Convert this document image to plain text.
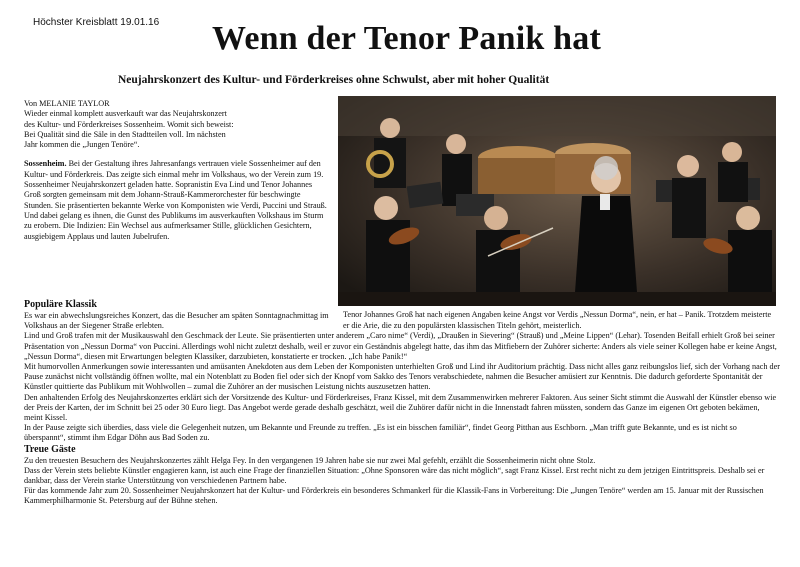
Höchster Kreisblatt 19.01.16 Wenn der Tenor Panik hat
Neujahrskonzert des Kultur- und Förderkreises ohne Schwulst, aber mit hoher Qualität

Von MELANIE TAYLOR
Wieder einmal komplett ausverkauft war das Neujahrskonzert
des Kultur- und Förderkreises Sossenheim. Womit sich beweist:
Bei Qualität sind die Säle in den Stadtteilen voll. Im nächsten
Jahr kommen die „Jungen Tenöre“.

Sossenheim. Bei der Gestaltung ihres Jahresanfangs vertrauen viele Sossenheimer auf den Kultur- und Förderkreis. Das zeigte sich einmal mehr im Volkshaus, wo der Verein zum 19. Sossenheimer Neujahrskonzert geladen hatte. Sopranistin Eva Lind und Tenor Johannes Groß sorgten gemeinsam mit dem Johann-Strauß-Kammerorchester für beschwingte Stunden. Sie präsentierten bekannte Werke von Komponisten wie Verdi, Puccini und Strauß. Und dabei gelang es ihnen, die Gunst des Publikums im ausverkauften Volkshaus im Sturm zu erobern. Die Indizien: Ein Wechsel aus aufmerksamer Stille, glücklichen Gesichtern, ausgiebigem Applaus und lauten Jubelrufen.

Tenor Johannes Groß hat nach eigenen Angaben keine Angst vor Verdis „Nessun Dorma“, nein, er hat – Panik. Trotzdem meisterte er die Arie, die zu den populärsten klassischen Titeln gehört, meisterlich.
Populäre Klassik

Es war ein abwechslungsreiches Konzert, das die Besucher am späten Sonntagnachmittag im Volkshaus an der Siegener Straße erlebten.

Lind und Groß trafen mit der Musikauswahl den Geschmack der Leute. Sie präsentierten unter anderem „Caro nime“ (Verdi), „Draußen in Sievering“ (Strauß) und „Meine Lippen“ (Lehar). Tosenden Beifall erhielt Groß bei seiner Präsentation von „Nessun Dorma“ von Puccini. Allerdings wohl nicht zuletzt deshalb, weil er zuvor ein Geständnis abgelegt hatte, das ihm das Mitfiebern der Zuhörer sicherte: Anders als viele seiner Kollegen habe er keine Angst, „Nessun Dorma“, diesen mit Erwartungen belegten Klassiker, darzubieten, konstatierte er trocken. „Ich habe Panik!“

Mit humorvollen Anmerkungen sowie interessanten und amüsanten Anekdoten aus dem Leben der Komponisten unterhielten Groß und Lind ihr Auditorium prächtig. Dass nicht alles ganz reibungslos lief, sich der Vorhang nach der Pause zunächst nicht vollständig öffnen wollte, mal ein Notenblatt zu Boden fiel oder sich der Knopf vom Sakko des Tenors verabschiedete, nahmen die Besucher amüsiert zur Kenntnis. Die dadurch geforderte Spontanität der Künstler quittierte das Publikum mit Wohlwollen – zumal die Zuhörer an der musischen Leistung nichts auszusetzen hatten.

Den anhaltenden Erfolg des Neujahrskonzertes erklärt sich der Vorsitzende des Kultur- und Förderkreises, Franz Kissel, mit dem Zusammenwirken mehrerer Faktoren. Aus seiner Sicht stimmt die Auswahl der Künstler ebenso wie der Preis der Karten, der im Schnitt bei 25 oder 30 Euro liegt. Das Angebot werde gerade deshalb geschätzt, weil die Zuhörer dafür nicht in die Innenstadt fahren müssten, sondern das Ganze im eigenen Ort geboten bekämen, meint Kissel.

In der Pause zeigte sich überdies, dass viele die Gelegenheit nutzen, um Bekannte und Freunde zu treffen. „Es ist ein bisschen familiär“, findet Georg Pitthan aus Eschborn. „Man trifft gute Bekannte, und es ist nicht so überspannt“, stimmt ihm Edgar Döhn aus Bad Soden zu.

Treue Gäste

Zu den treuesten Besuchern des Neujahrskonzertes zählt Helga Fey. In den vergangenen 19 Jahren habe sie nur zwei Mal gefehlt, erzählt die Sossenheimerin nicht ohne Stolz.

Dass der Verein stets beliebte Künstler engagieren kann, ist auch eine Frage der finanziellen Situation: „Ohne Sponsoren wäre das nicht möglich“, sagt Franz Kissel. Erst recht nicht zu dem jetzigen Eintrittspreis. Deshalb sei er dankbar, dass der Verein starke Unterstützung von verschiedenen Partnern habe.

Für das kommende Jahr zum 20. Sossenheimer Neujahrskonzert hat der Kultur- und Förderkreis ein besonderes Schmankerl für die Klassik-Fans in Vorbereitung: Die „Jungen Tenöre“ werden am 15. Januar mit der Russischen Kammerphilharmonie St. Petersburg auf der Bühne stehen.
